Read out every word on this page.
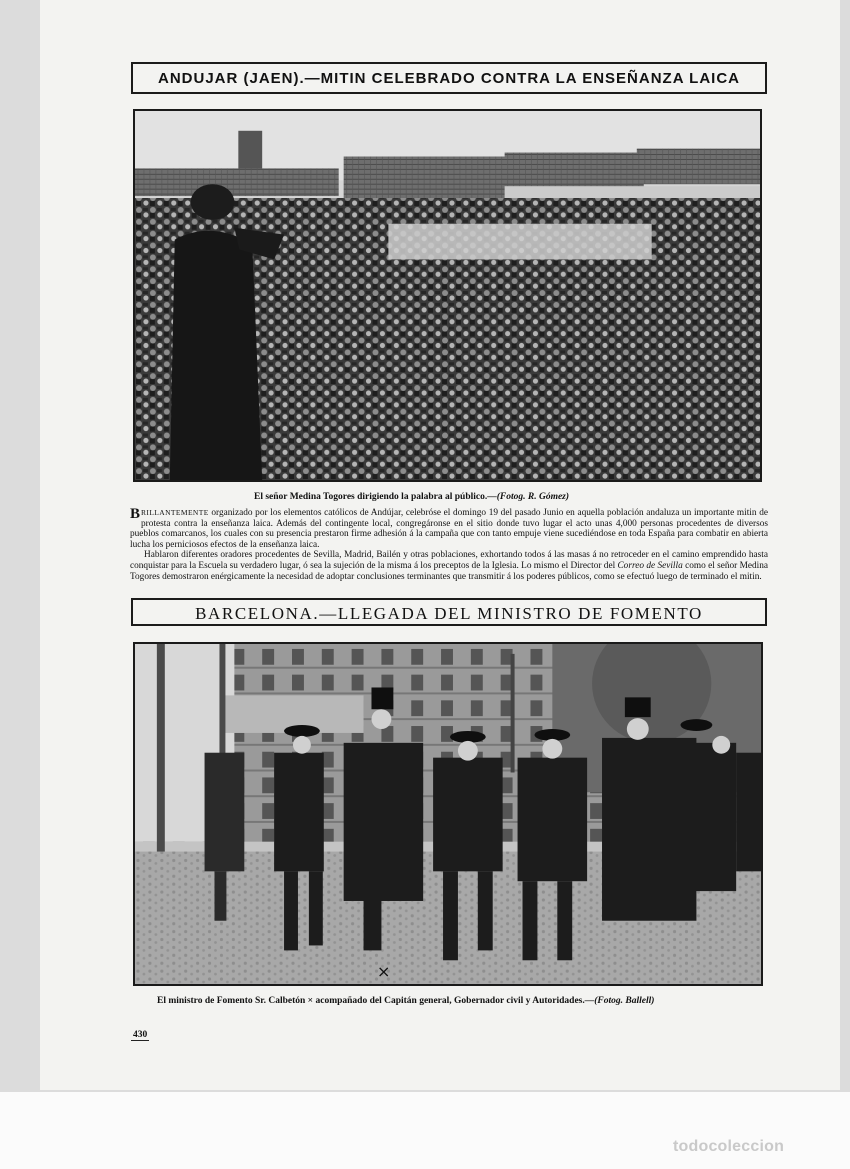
ANDUJAR (JAEN).—MITIN CELEBRADO CONTRA LA ENSEÑANZA LAICA
El señor Medina Togores dirigiendo la palabra al público.—(Fotog. R. Gómez)

BRILLANTEMENTE organizado por los elementos católicos de Andújar, celebróse el domingo 19 del pasado Junio en aquella población andaluza un importante mitin de protesta contra la enseñanza laica. Además del contingente local, congregáronse en el sitio donde tuvo lugar el acto unas 4,000 personas procedentes de diversos pueblos comarcanos, los cuales con su presencia prestaron firme adhesión á la campaña que con tanto empuje viene sucediéndose en toda España para combatir en abierta lucha los perniciosos efectos de la enseñanza laica.

Hablaron diferentes oradores procedentes de Sevilla, Madrid, Bailén y otras poblaciones, exhortando todos á las masas á no retroceder en el camino emprendido hasta conquistar para la Escuela su verdadero lugar, ó sea la sujeción de la misma á los preceptos de la Iglesia. Lo mismo el Director del Correo de Sevilla como el señor Medina Togores demostraron enérgicamente la necesidad de adoptar conclusiones terminantes que transmitir á los poderes públicos, como se efectuó luego de terminado el mitin.

BARCELONA.—LLEGADA DEL MINISTRO DE FOMENTO
×
El ministro de Fomento Sr. Calbetón × acompañado del Capitán general, Gobernador civil y Autoridades.—(Fotog. Ballell)
430
todocoleccion
